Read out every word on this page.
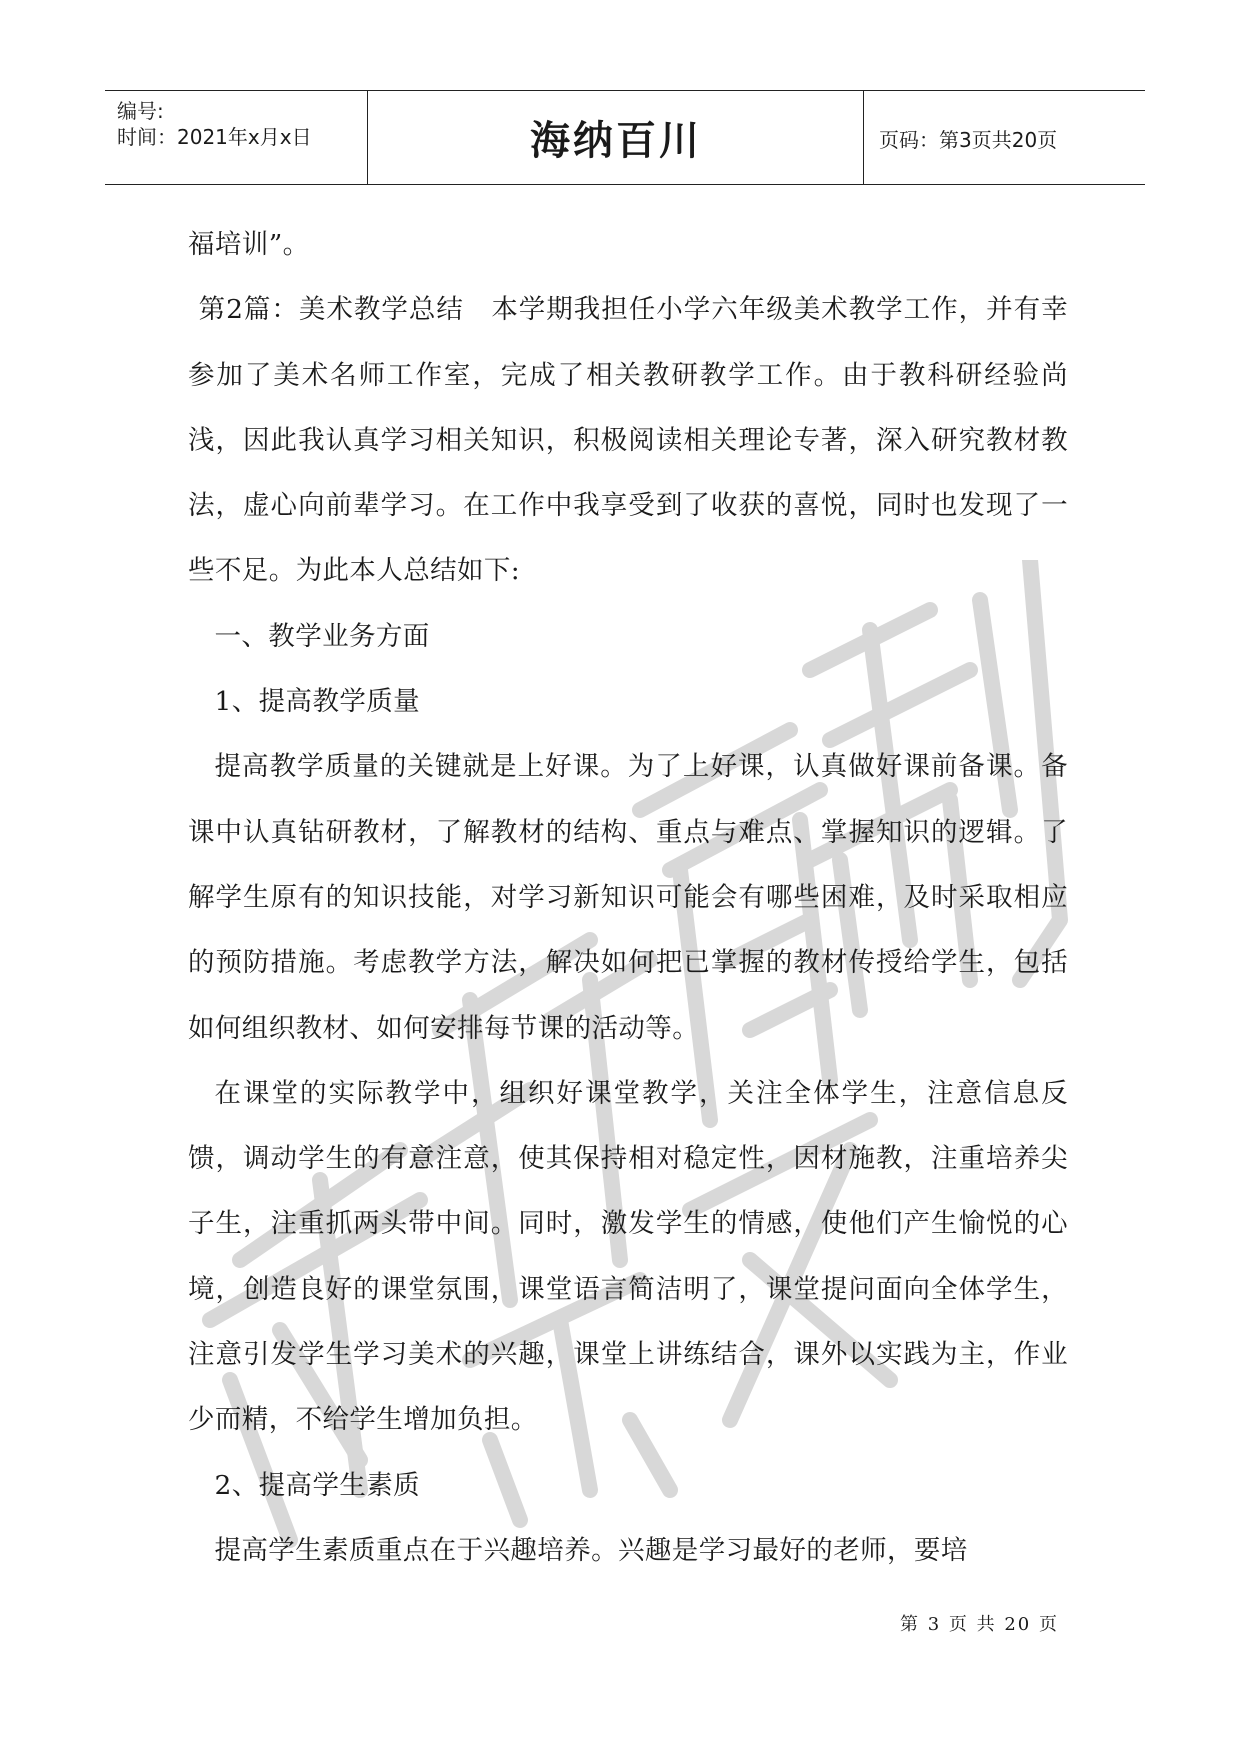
编号:
时间：2021年x月x日	海纳百川	页码：第3页共20页

福培训”。

第2篇：美术教学总结　本学期我担任小学六年级美术教学工作，并有幸参加了美术名师工作室，完成了相关教研教学工作。由于教科研经验尚浅，因此我认真学习相关知识，积极阅读相关理论专著，深入研究教材教法，虚心向前辈学习。在工作中我享受到了收获的喜悦，同时也发现了一些不足。为此本人总结如下:

一、教学业务方面

1、提高教学质量

提高教学质量的关键就是上好课。为了上好课，认真做好课前备课。备课中认真钻研教材，了解教材的结构、重点与难点、掌握知识的逻辑。了解学生原有的知识技能，对学习新知识可能会有哪些困难，及时采取相应的预防措施。考虑教学方法，解决如何把已掌握的教材传授给学生，包括如何组织教材、如何安排每节课的活动等。

在课堂的实际教学中，组织好课堂教学，关注全体学生，注意信息反馈，调动学生的有意注意，使其保持相对稳定性，因材施教，注重培养尖子生，注重抓两头带中间。同时，激发学生的情感，使他们产生愉悦的心境，创造良好的课堂氛围，课堂语言简洁明了，课堂提问面向全体学生，注意引发学生学习美术的兴趣，课堂上讲练结合，课外以实践为主，作业少而精，不给学生增加负担。

2、提高学生素质

提高学生素质重点在于兴趣培养。兴趣是学习最好的老师，要培

第 3 页 共 20 页
